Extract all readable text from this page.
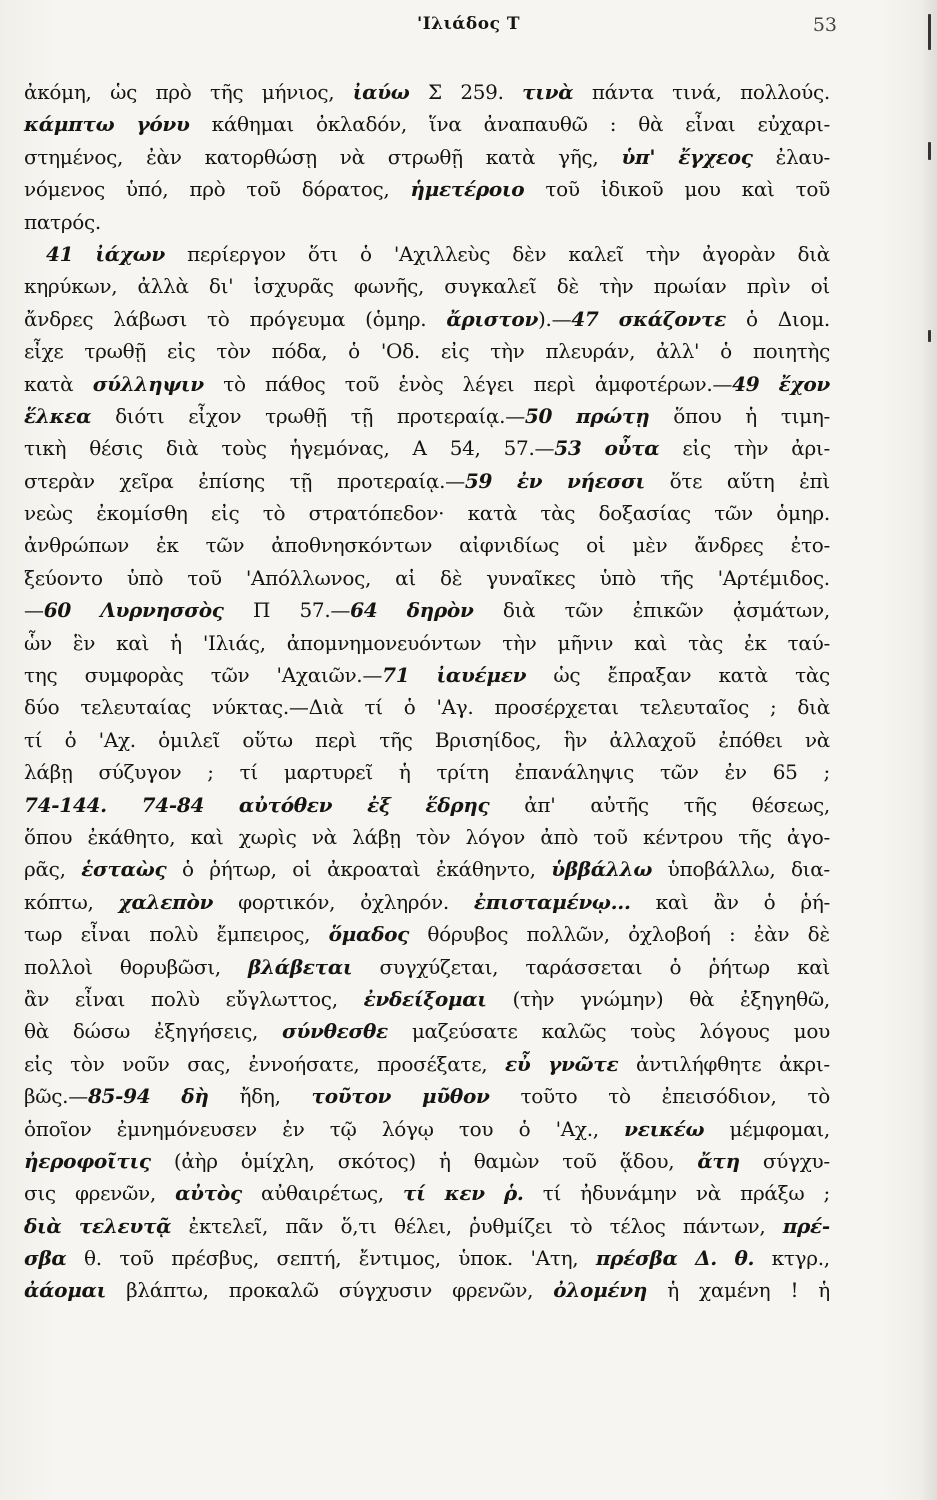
'Ιλιάδος Τ	53
ἀκόμη, ὡς πρὸ τῆς μήνιος, ἰαύω Σ 259. τινὰ πάντα τινά, πολλούς.
κάμπτω γόνυ κάθημαι ὀκλαδόν, ἵνα ἀναπαυθῶ : θὰ εἶναι εὐχαρι-
στημένος, ἐὰν κατορθώσῃ νὰ στρωθῇ κατὰ γῆς, ὑπ' ἔγχεος ἐλαυ-
νόμενος ὑπό, πρὸ τοῦ δόρατος, ἡμετέροιο τοῦ ἰδικοῦ μου καὶ τοῦ
πατρός.
41 ἰάχων περίεργον ὅτι ὁ 'Αχιλλεὺς δὲν καλεῖ τὴν ἀγορὰν διὰ
κηρύκων, ἀλλὰ δι' ἰσχυρᾶς φωνῆς, συγκαλεῖ δὲ τὴν πρωίαν πρὶν οἱ
ἄνδρες λάβωσι τὸ πρόγευμα (ὁμηρ. ἄριστον).—47 σκάζοντε ὁ Διομ.
εἶχε τρωθῇ εἰς τὸν πόδα, ὁ 'Οδ. εἰς τὴν πλευράν, ἀλλ' ὁ ποιητὴς
κατὰ σύλληψιν τὸ πάθος τοῦ ἑνὸς λέγει περὶ ἀμφοτέρων.—49 ἔχον
ἕλκεα διότι εἶχον τρωθῇ τῇ προτεραίᾳ.—50 πρώτῃ ὅπου ἡ τιμη-
τικὴ θέσις διὰ τοὺς ἡγεμόνας, Α 54, 57.—53 οὖτα εἰς τὴν ἀρι-
στερὰν χεῖρα ἐπίσης τῇ προτεραίᾳ.—59 ἐν νήεσσι ὅτε αὕτη ἐπὶ
νεὼς ἐκομίσθη εἰς τὸ στρατόπεδον· κατὰ τὰς δοξασίας τῶν ὁμηρ.
ἀνθρώπων ἐκ τῶν ἀποθνησκόντων αἰφνιδίως οἱ μὲν ἄνδρες ἐτο-
ξεύοντο ὑπὸ τοῦ 'Απόλλωνος, αἱ δὲ γυναῖκες ὑπὸ τῆς 'Αρτέμιδος.
—60 Λυρνησσὸς Π 57.—64 δηρὸν διὰ τῶν ἐπικῶν ᾀσμάτων,
ὧν ἓν καὶ ἡ 'Ιλιάς, ἀπομνημονευόντων τὴν μῆνιν καὶ τὰς ἐκ ταύ-
της συμφορὰς τῶν 'Αχαιῶν.—71 ἰαυέμεν ὡς ἔπραξαν κατὰ τὰς
δύο τελευταίας νύκτας.—Διὰ τί ὁ 'Αγ. προσέρχεται τελευταῖος ; διὰ
τί ὁ 'Αχ. ὁμιλεῖ οὕτω περὶ τῆς Βρισηίδος, ἣν ἀλλαχοῦ ἐπόθει νὰ
λάβῃ σύζυγον ; τί μαρτυρεῖ ἡ τρίτη ἐπανάληψις τῶν ἐν 65 ;
74-144. 74-84 αὐτόθεν ἐξ ἕδρης ἀπ' αὐτῆς τῆς θέσεως,
ὅπου ἐκάθητο, καὶ χωρὶς νὰ λάβῃ τὸν λόγον ἀπὸ τοῦ κέντρου τῆς ἀγο-
ρᾶς, ἑσταὼς ὁ ῥήτωρ, οἱ ἀκροαταὶ ἐκάθηντο, ὑββάλλω ὑποβάλλω, δια-
κόπτω, χαλεπὸν φορτικόν, ὀχληρόν. ἐπισταμένῳ... καὶ ἂν ὁ ῥή-
τωρ εἶναι πολὺ ἔμπειρος, ὅμαδος θόρυβος πολλῶν, ὀχλοβοή : ἐὰν δὲ
πολλοὶ θορυβῶσι, βλάβεται συγχύζεται, ταράσσεται ὁ ῥήτωρ καὶ
ἂν εἶναι πολὺ εὔγλωττος, ἐνδείξομαι (τὴν γνώμην) θὰ ἐξηγηθῶ,
θὰ δώσω ἐξηγήσεις, σύνθεσθε μαζεύσατε καλῶς τοὺς λόγους μου
εἰς τὸν νοῦν σας, ἐννοήσατε, προσέξατε, εὖ γνῶτε ἀντιλήφθητε ἀκρι-
βῶς.—85-94 δὴ ἤδη, τοῦτον μῦθον τοῦτο τὸ ἐπεισόδιον, τὸ
ὁποῖον ἐμνημόνευσεν ἐν τῷ λόγῳ του ὁ 'Αχ., νεικέω μέμφομαι,
ἠεροφοῖτις (ἀὴρ ὁμίχλη, σκότος) ἡ θαμὼν τοῦ ᾅδου, ἄτη σύγχυ-
σις φρενῶν, αὐτὸς αὐθαιρέτως, τί κεν ῥ. τί ἠδυνάμην νὰ πράξω ;
διὰ τελευτᾷ ἐκτελεῖ, πᾶν ὅ,τι θέλει, ῥυθμίζει τὸ τέλος πάντων, πρέ-
σβα θ. τοῦ πρέσβυς, σεπτή, ἔντιμος, ὑποκ. 'Ατη, πρέσβα Δ. θ. κτγρ.,
ἀάομαι βλάπτω, προκαλῶ σύγχυσιν φρενῶν, ὀλομένη ἡ χαμένη ! ἡ
